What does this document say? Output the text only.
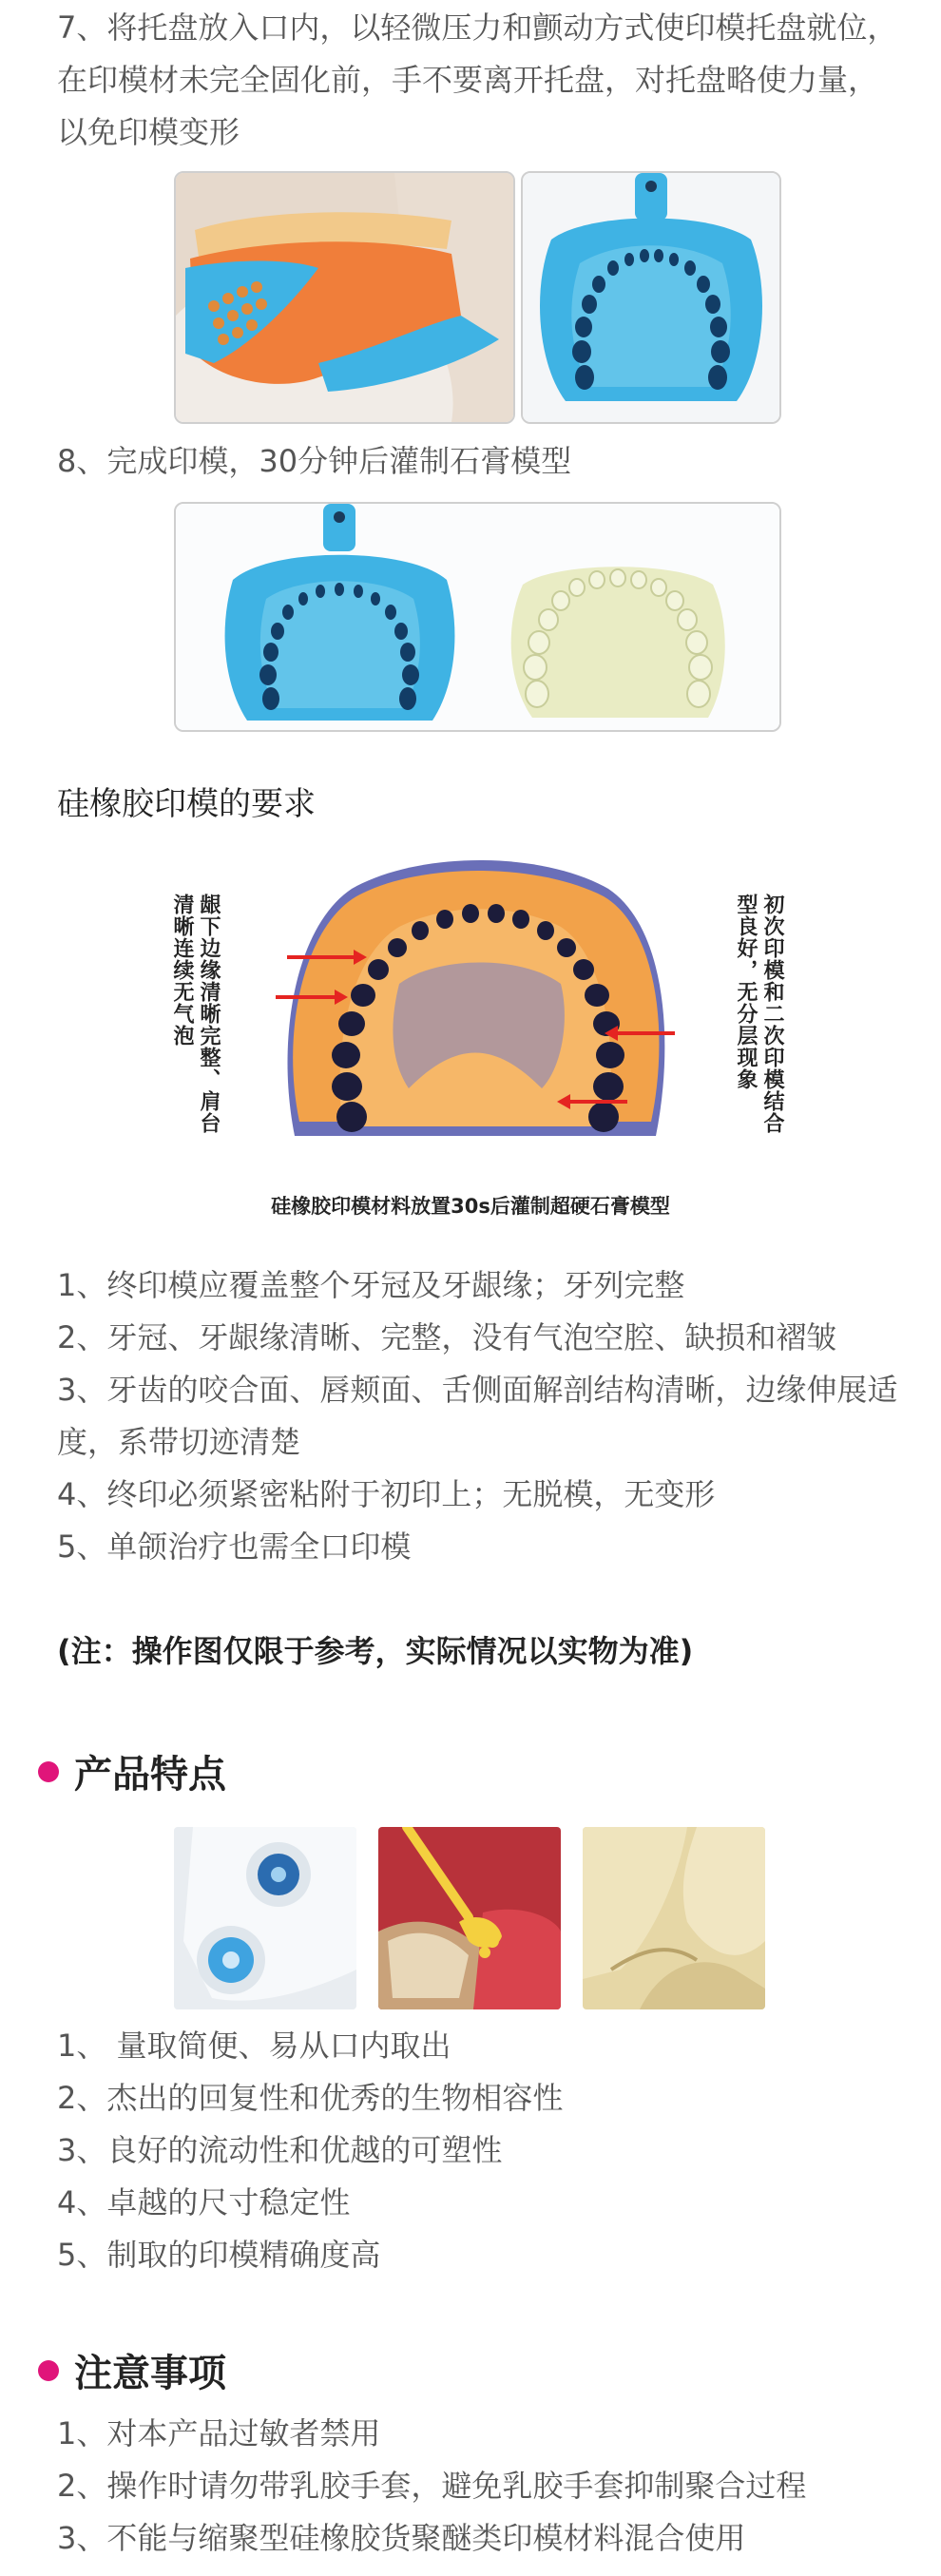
7、将托盘放入口内，以轻微压力和颤动方式使印模托盘就位，在印模材未完全固化前，手不要离开托盘，对托盘略使力量，以免印模变形
8、完成印模，30分钟后灌制石膏模型
硅橡胶印模的要求
龈下边缘清晰完整、肩台
清晰连续无气泡	初次印模和二次印模结合
型良好，无分层现象
硅橡胶印模材料放置30s后灌制超硬石膏模型

1、终印模应覆盖整个牙冠及牙龈缘；牙列完整

2、牙冠、牙龈缘清晰、完整，没有气泡空腔、缺损和褶皱

3、牙齿的咬合面、唇颊面、舌侧面解剖结构清晰，边缘伸展适度，系带切迹清楚

4、终印必须紧密粘附于初印上；无脱模，无变形

5、单颌治疗也需全口印模

(注：操作图仅限于参考，实际情况以实物为准)
产品特点

1、 量取简便、易从口内取出

2、杰出的回复性和优秀的生物相容性

3、良好的流动性和优越的可塑性

4、卓越的尺寸稳定性

5、制取的印模精确度高

注意事项

1、对本产品过敏者禁用

2、操作时请勿带乳胶手套，避免乳胶手套抑制聚合过程

3、不能与缩聚型硅橡胶货聚醚类印模材料混合使用
